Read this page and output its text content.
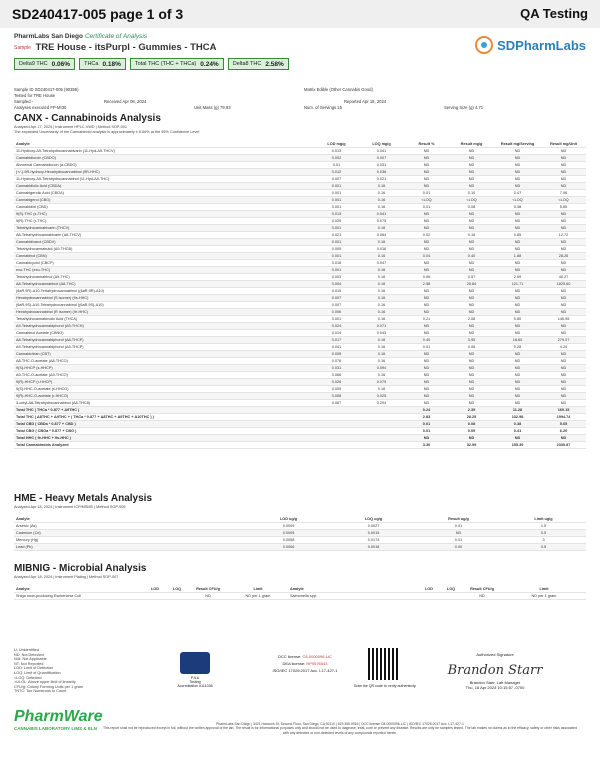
SD240417-005 page 1 of 3	QA Testing
PharmLabs San Diego Certificate of Analysis
Sample TRE House - itsPurpl - Gummies - THCA
Delta9 THC 0.06%	THCa 0.18%	Total THC (THC + THCa) 0.24%	Delta8 THC 2.58%
SDPharmLabs
Sample ID SD240417-005 (90396)	Matrix Edible (Other Cannabis Good)
Tested for TRE House
Sampled -	Received Apr 08, 2024	Reported Apr 18, 2024
Analyses executed FP-MI30	Unit Mass (g) 79.93	Num. of Servings 15	Serving Size (g) 4.71
CANX - Cannabinoids Analysis
Analyzed Apr 17, 2024 | Instrument HPLC-VWD | Method SOP-001
The expanded Uncertainty of the Cannabinoid analysis is approximately ± 8.66% at the 95% Confidence Level
Analyte	LOD mg/g	LOQ mg/g	Result %	Result mg/g	Result mg/Serving	Result mg/Unit
11-Hydroxy-Δ9-Tetrahydrocannabivarin (11-Hyd-Δ9-THCV)	0.013	0.041	ND	ND	ND	ND
Cannabidiorcin (CBDO)	0.002	0.007	ND	ND	ND	ND
Abnormal Cannabidiorcin (a-CBDO)	0.01	0.031	ND	ND	ND	ND
(+/-)-9R-hydroxy-Hexahydrocannabinol (9R-HHC)	0.012	0.036	ND	ND	ND	ND
11-Hydroxy-Δ9-Tetrahydrocannabinol (11-Hyd-Δ9-THC)	0.007	0.021	ND	ND	ND	ND
Cannabidiolic Acid (CBDA)	0.001	0.16	ND	ND	ND	ND
Cannabigerolic Acid (CBGA)	0.001	0.16	0.01	0.10	0.47	7.06
Cannabigerol (CBG)	0.001	0.16	<LOQ	<LOQ	<LOQ	<LOQ
Cannabidiol (CBD)	0.001	0.16	0.01	0.08	0.38	5.65
9(S)-THC (s-THC)	0.013	0.041	ND	ND	ND	ND
9(R)-THC (r-THC)	0.025	0.075	ND	ND	ND	ND
Tetrahydrocannabivarin (THCV)	0.001	0.16	ND	ND	ND	ND
Δ8-Tetrahydrocannabivarin (Δ8-THCV)	0.021	0.064	0.02	0.16	0.85	12.72
Cannabidivarol (CBDV)	0.001	0.16	ND	ND	ND	ND
Tetrahydrocannabutol (Δ9-THCB)	0.005	0.016	ND	ND	ND	ND
Cannabinol (CBN)	0.001	0.16	0.04	0.40	1.88	28.26
Cannabicyclol (CBCP)	0.016	0.047	ND	ND	ND	ND
exo-THC (exo-THC)	0.001	0.16	ND	ND	ND	ND
Tetrahydrocannabinol (Δ9-THC)	0.003	0.16	0.06	0.57	2.69	40.27
Δ8-Tetrahydrocannabinol (Δ8-THC)	0.004	0.16	2.58	25.84	121.71	1825.60
(6aR,9R)-Δ10-Tetrahydrocannabinol ((6aR,9R)-Δ10)	0.015	0.16	ND	ND	ND	ND
Hexahydrocannabinol (S isomer) (9s-HHC)	0.007	0.16	ND	ND	ND	ND
(6aR,9S)-Δ10-Tetrahydrocannabinol ((6aR,9S)-Δ10)	0.007	0.16	ND	ND	ND	ND
Hexahydrocannabinol (R isomer) (9r-HHC)	0.006	0.16	ND	ND	ND	ND
Tetrahydrocannabinolic Acid (THCA)	0.001	0.16	0.21	2.08	9.80	146.95
Δ9-Tetrahydrocannabiphorol (Δ9-THCH)	0.024	0.071	ND	ND	ND	ND
Cannabinol Acetate (CBNO)	0.014	0.043	ND	ND	ND	ND
Δ8-Tetrahydrocannabiphorol (Δ8-THCP)	0.017	0.16	0.40	3.95	18.60	279.07
Δ9-Tetrahydrocannabiphorol (Δ9-THCP)	0.041	0.16	0.01	0.06	0.28	4.24
Cannabicitran (CBT)	0.005	0.16	ND	ND	ND	ND
Δ8-THC-O-acetate (Δ8-THCO)	0.076	0.16	ND	ND	ND	ND
9(S)-HHCP (s-HHCP)	0.031	0.094	ND	ND	ND	ND
Δ9-THC-O-acetate (Δ9-THCO)	0.066	0.16	ND	ND	ND	ND
9(R)-HHCP (r-HHCP)	0.026	0.079	ND	ND	ND	ND
9(S)-HHC-O-acetate (s-HHCO)	0.005	0.16	ND	ND	ND	ND
9(R)-HHC-O-acetate (r-HHCO)	0.008	0.025	ND	ND	ND	ND
3-octyl-Δ8-Tetrahydrocannabinol (Δ8-THC8)	0.067	0.204	ND	ND	ND	ND
Total THC ( THCa * 0.877 + Δ9THC )			0.24	2.39	11.28	169.15
Total THC ( Δ8THC + Δ9THC + ( THCa * 0.877 + Δ8THC + Δ9THC + Δ10THC ) )			2.83	28.25	132.98	1994.74
Total CBD ( CBDa * 0.877 + CBD )			0.01	0.08	0.38	5.65
Total CBG ( CBGa * 0.877 + CBG )			0.01	0.09	0.41	6.20
Total HHC ( 9r-HHC + 9s-HHC )			ND	ND	ND	ND
Total Cannabinoids Analyzed			3.30	32.99	155.39	2330.87
HME - Heavy Metals Analysis
Analyzed Apr 18, 2024 | Instrument ICP/MSMS | Method SOP-005
Analyte	LOD ug/g	LOQ ug/g	Result ug/g	Limit ug/g
Arsenic (As)	0.0009	0.0027	0.01	1.5
Cadmium (Cd)	0.0005	0.0015	ND	0.5
Mercury (Hg)	0.0058	0.0174	0.01	3
Lead (Pb)	0.0006	0.0018	0.00	0.5
MIBNIG - Microbial Analysis
Analyzed Apr 18, 2024 | Instrument Plating | Method SOP-007
Analyte	LOD	LOQ	Result CFU/g	Limit	Analyte	LOD	LOQ	Result CFU/g	Limit
Shiga toxin-producing Escherichia Coli			ND	ND per 1 gram	Salmonella spp.			ND	ND per 1 gram
U: Unidentified
ND: Not Detected
N/A: Not Applicable
NT: Not Reported
LOD: Limit of Detection
LOQ: Limit of Quantification
<LOQ: Detected
>ULOL: Above upper limit of linearity
CFU/g: Colony Forming Units per 1 gram
TNTC: Too Numerous to Count
PJLA
Testing
Accreditation #111036
DCC license: C8-0000096-LIC
DEA license: RP0576543
ISO/IEC 17025:2017 Acc. L17-427-1
Scan the QR code to verify authenticity.
Authorized Signature
Brandon Starr
Brandon Starr, Lab Manager
Thu, 18 Apr 2024 10:15:57 -0700
PharmWare
CANNABIS LABORATORY LIMS & ELN
PharmLabs San Diego | 3421 Hancock St, Second Floor, San Diego, CA 92110 | 619.356.0916 | DCC license C8-0000096-LIC | ISO/IEC 17025:2017 Acc. L17-427-1
This report shall not be reproduced except in full, without the written approval of the lab. The result is for informational purposes only and should not be used to diagnose, treat, cure or prevent any disease. Results are only for samples tested. The lab makes no claims as to the efficacy, safety or other risks associated with any detected or non-detected levels of any compounds reported herein.
